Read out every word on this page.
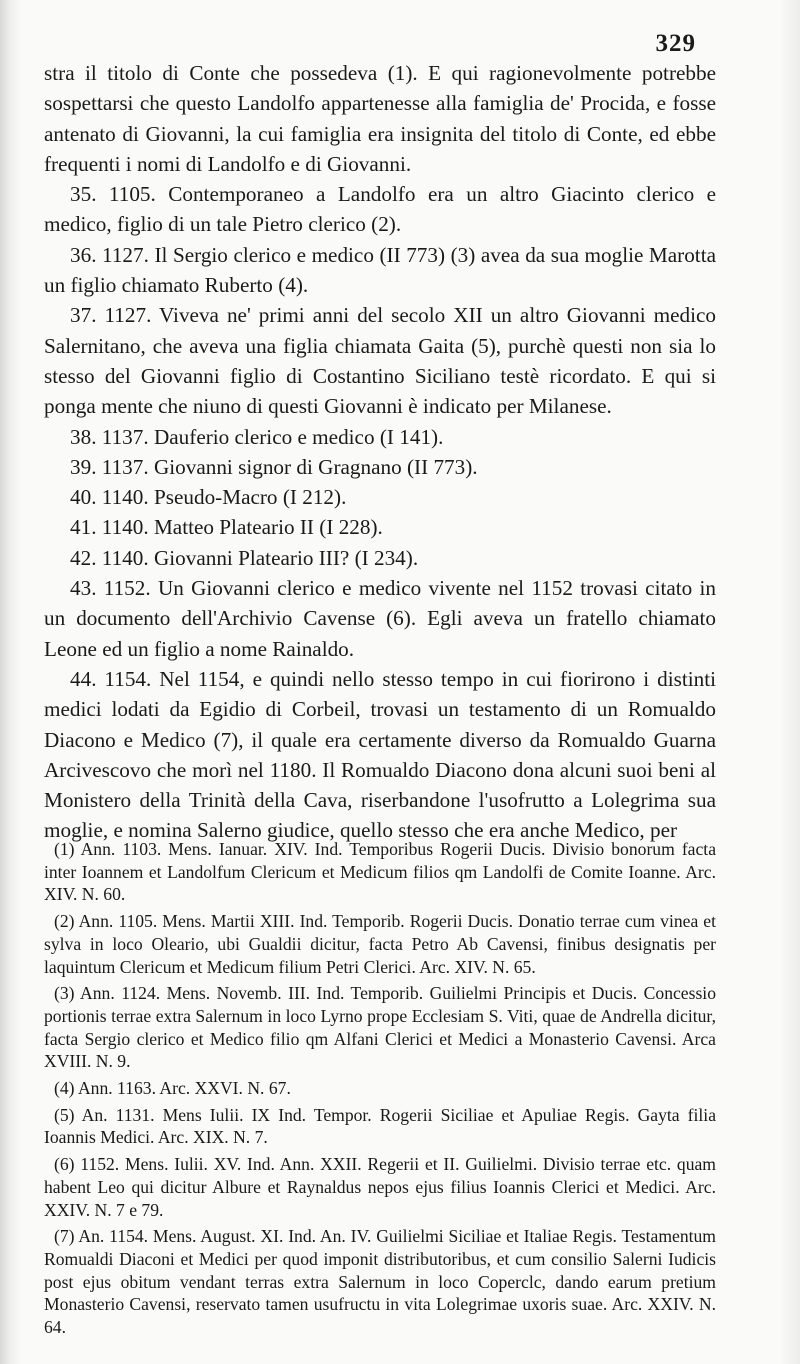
329

stra il titolo di Conte che possedeva (1). E qui ragionevolmente potrebbe sospettarsi che questo Landolfo appartenesse alla famiglia de' Procida, e fosse antenato di Giovanni, la cui famiglia era insignita del titolo di Conte, ed ebbe frequenti i nomi di Landolfo e di Giovanni.

35. 1105. Contemporaneo a Landolfo era un altro Giacinto clerico e medico, figlio di un tale Pietro clerico (2).

36. 1127. Il Sergio clerico e medico (II 773) (3) avea da sua moglie Marotta un figlio chiamato Ruberto (4).

37. 1127. Viveva ne' primi anni del secolo XII un altro Giovanni medico Salernitano, che aveva una figlia chiamata Gaita (5), purchè questi non sia lo stesso del Giovanni figlio di Costantino Siciliano testè ricordato. E qui si ponga mente che niuno di questi Giovanni è indicato per Milanese.

38. 1137. Dauferio clerico e medico (I 141).

39. 1137. Giovanni signor di Gragnano (II 773).

40. 1140. Pseudo-Macro (I 212).

41. 1140. Matteo Plateario II (I 228).

42. 1140. Giovanni Plateario III? (I 234).

43. 1152. Un Giovanni clerico e medico vivente nel 1152 trovasi citato in un documento dell'Archivio Cavense (6). Egli aveva un fratello chiamato Leone ed un figlio a nome Rainaldo.

44. 1154. Nel 1154, e quindi nello stesso tempo in cui fiorirono i distinti medici lodati da Egidio di Corbeil, trovasi un testamento di un Romualdo Diacono e Medico (7), il quale era certamente diverso da Romualdo Guarna Arcivescovo che morì nel 1180. Il Romualdo Diacono dona alcuni suoi beni al Monistero della Trinità della Cava, riserbandone l'usofrutto a Lolegrima sua moglie, e nomina Salerno giudice, quello stesso che era anche Medico, per

(1) Ann. 1103. Mens. Ianuar. XIV. Ind. Temporibus Rogerii Ducis. Divisio bonorum facta inter Ioannem et Landolfum Clericum et Medicum filios qm Landolfi de Comite Ioanne. Arc. XIV. N. 60.

(2) Ann. 1105. Mens. Martii XIII. Ind. Temporib. Rogerii Ducis. Donatio terrae cum vinea et sylva in loco Oleario, ubi Gualdii dicitur, facta Petro Ab Cavensi, finibus designatis per laquintum Clericum et Medicum filium Petri Clerici. Arc. XIV. N. 65.

(3) Ann. 1124. Mens. Novemb. III. Ind. Temporib. Guilielmi Principis et Ducis. Concessio portionis terrae extra Salernum in loco Lyrno prope Ecclesiam S. Viti, quae de Andrella dicitur, facta Sergio clerico et Medico filio qm Alfani Clerici et Medici a Monasterio Cavensi. Arca XVIII. N. 9.

(4) Ann. 1163. Arc. XXVI. N. 67.

(5) An. 1131. Mens Iulii. IX Ind. Tempor. Rogerii Siciliae et Apuliae Regis. Gayta filia Ioannis Medici. Arc. XIX. N. 7.

(6) 1152. Mens. Iulii. XV. Ind. Ann. XXII. Regerii et II. Guilielmi. Divisio terrae etc. quam habent Leo qui dicitur Albure et Raynaldus nepos ejus filius Ioannis Clerici et Medici. Arc. XXIV. N. 7 e 79.

(7) An. 1154. Mens. August. XI. Ind. An. IV. Guilielmi Siciliae et Italiae Regis. Testamentum Romualdi Diaconi et Medici per quod imponit distributoribus, et cum consilio Salerni Iudicis post ejus obitum vendant terras extra Salernum in loco Coperclc, dando earum pretium Monasterio Cavensi, reservato tamen usufructu in vita Lolegrimae uxoris suae. Arc. XXIV. N. 64.
